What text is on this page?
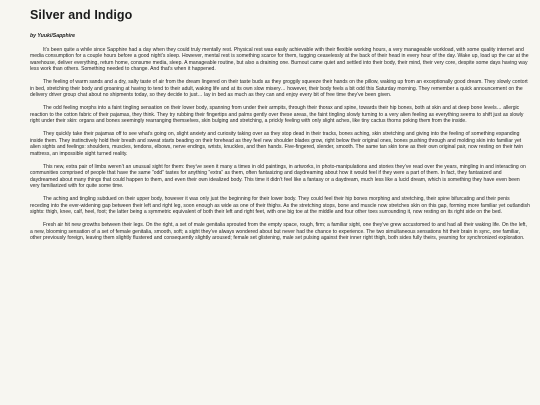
Silver and Indigo
by Yuuki/Sapphire

It’s been quite a while since Sapphire had a day when they could truly mentally rest. Physical rest was easily achievable with their flexible working hours, a very manageable workload, with some quality internet and media consumption for a couple hours before a good night’s sleep. However, mental rest is something scarce for them, tugging ceaselessly at the back of their head in every hour of the day. Wake up, load up the car at the warehouse, deliver everything, return home, consume media, sleep. A manageable routine, but also a draining one. Burnout came quiet and settled into their body, their mind, their very core, despite some days having way less work than others. Something needed to change. And that’s when it happened.

The feeling of warm sands and a dry, salty taste of air from the dream lingered on their taste buds as they groggily squeeze their hands on the pillow, waking up from an exceptionally good dream. They slowly contort in bed, stretching their body and groaning at having to tend to their adult, waking life and at its own slow misery… however, their body feels a bit odd this Saturday morning. They remember a quick announcement on the delivery driver group chat about no shipments today, so they decide to just… lay in bed as much as they can and enjoy every bit of free time they’ve been given.

The odd feeling morphs into a faint tingling sensation on their lower body, spanning from under their armpits, through their thorax and spine, towards their hip bones, both at skin and at deep bone levels… allergic reaction to the cotton fabric of their pajamas, they think. They try rubbing their fingertips and palms gently over these areas, the faint tingling slowly turning to a very alien feeling as everything seems to shift just as slowly right under their skin: organs and bones seemingly rearranging themselves, skin bulging and stretching, a prickly feeling with only slight aches, like tiny cactus thorns poking them from the inside.

They quickly take their pajamas off to see what’s going on, slight anxiety and curiosity taking over as they stop dead in their tracks, bones aching, skin stretching and giving into the feeling of something expanding inside them. They instinctively hold their breath and sweat starts beading on their forehead as they feel new shoulder blades grow, right below their original ones, bones pushing through and molding skin into familiar yet alien sights and feelings: shoulders, muscles, tendons, elbows, nerve endings, wrists, knuckles, and then hands. Five-fingered, slender, smooth. The same tan skin tone as their own original pair, now resting on their twin mattress, an impossible sight turned reality.

This new, extra pair of limbs weren’t an unusual sight for them: they’ve seen it many a times in old paintings, in artworks, in photo-manipulations and stories they’ve read over the years, mingling in and interacting on communities comprised of people that have the same “odd” tastes for anything “extra” as them, often fantasizing and daydreaming about how it would feel if they were a part of them. In fact, they fantasized and daydreamed about many things that could happen to them, and even their own idealized body. This time it didn’t feel like a fantasy or a daydream, much less like a lucid dream, which is something they have even been very familiarized with for quite some time.

The aching and tingling subdued on their upper body, however it was only just the beginning for their lower body. They could feel their hip bones morphing and stretching, their spine bifurcating and their penis receding into the ever-widening gap between their left and right leg, soon enough as wide as one of their thighs. As the stretching stops, bone and muscle now stretches skin on this gap, forming more familiar yet outlandish sights: thigh, knee, calf, heel, foot; the latter being a symmetric equivalent of both their left and right feet, with one big toe at the middle and four other toes surrounding it, now resting on its right side on the bed.

Fresh air hit new growths between their legs. On the right, a set of male genitalia sprouted from the empty space, rough, firm; a familiar sight, one they’ve grew accustomed to and had all their waking life. On the left, a new, blooming sensation of a set of female genitalia, smooth, soft; a sight they’ve always wondered about but never had the chance to experience. The two simultaneous sensations hit their brain in sync, one familiar, other previously foreign, leaving them slightly flustered and consequently slightly aroused; female set glistening, male set pulsing against their inner right thigh, both sides fully theirs, yearning for synchronized exploration.
